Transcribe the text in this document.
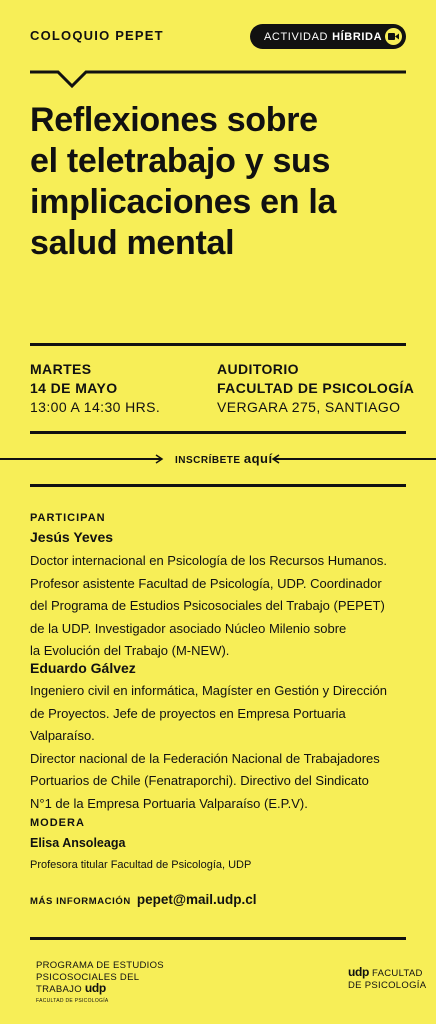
COLOQUIO PEPET	ACTIVIDAD HÍBRIDA
Reflexiones sobre
el teletrabajo y sus
implicaciones en la
salud mental
MARTES
14 DE MAYO
13:00 A 14:30 HRS.
AUDITORIO
FACULTAD DE PSICOLOGÍA
VERGARA 275, SANTIAGO
INSCRÍBETE aquí
PARTICIPAN
Jesús Yeves
Doctor internacional en Psicología de los Recursos Humanos.
Profesor asistente Facultad de Psicología, UDP. Coordinador
del Programa de Estudios Psicosociales del Trabajo (PEPET)
de la UDP. Investigador asociado Núcleo Milenio sobre
la Evolución del Trabajo (M-NEW).
Eduardo Gálvez
Ingeniero civil en informática, Magíster en Gestión y Dirección
de Proyectos. Jefe de proyectos en Empresa Portuaria Valparaíso.
Director nacional de la Federación Nacional de Trabajadores
Portuarios de Chile (Fenatraporchi). Directivo del Sindicato
N°1 de la Empresa Portuaria Valparaíso (E.P.V).
MODERA
Elisa Ansoleaga
Profesora titular Facultad de Psicología, UDP
MÁS INFORMACIÓN pepet@mail.udp.cl
PROGRAMA DE ESTUDIOS
PSICOSOCIALES DEL
TRABAJO udp
FACULTAD DE PSICOLOGÍA
udp FACULTAD
DE PSICOLOGÍA
